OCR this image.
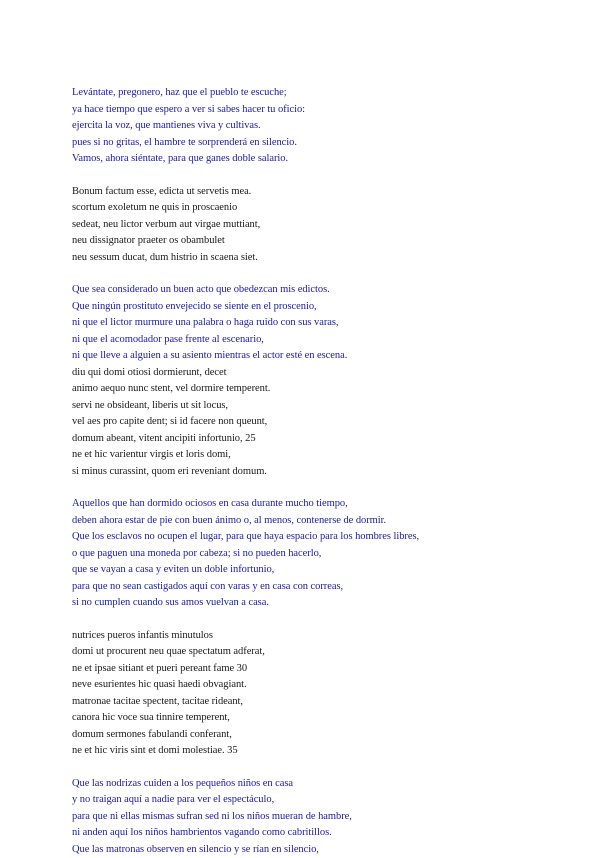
Levántate, pregonero, haz que el pueblo te escuche;
ya hace tiempo que espero a ver si sabes hacer tu oficio:
ejercita la voz, que mantienes viva y cultivas.
pues si no gritas, el hambre te sorprenderá en silencio.
Vamos, ahora siéntate, para que ganes doble salario.
Bonum factum esse, edicta ut servetis mea.
scortum exoletum ne quis in proscaenio
sedeat, neu lictor verbum aut virgae muttiant,
neu dissignator praeter os obambulet
neu sessum ducat, dum histrio in scaena siet.
Que sea considerado un buen acto que obedezcan mis edictos.
Que ningún prostituto envejecido se siente en el proscenio,
ni que el lictor murmure una palabra o haga ruido con sus varas,
ni que el acomodador pase frente al escenario,
ni que lleve a alguien a su asiento mientras el actor esté en escena.
diu qui domi otiosi dormierunt, decet
animo aequo nunc stent, vel dormire temperent.
servi ne obsideant, liberis ut sit locus,
vel aes pro capite dent; si id facere non queunt,
domum abeant, vitent ancipiti infortunio, 25
ne et hic varientur virgis et loris domi,
si minus curassint, quom eri reveniant domum.
Aquellos que han dormido ociosos en casa durante mucho tiempo,
deben ahora estar de pie con buen ánimo o, al menos, contenerse de dormir.
Que los esclavos no ocupen el lugar, para que haya espacio para los hombres libres,
o que paguen una moneda por cabeza; si no pueden hacerlo,
que se vayan a casa y eviten un doble infortunio,
para que no sean castigados aquí con varas y en casa con correas,
si no cumplen cuando sus amos vuelvan a casa.
nutrices pueros infantis minutulos
domi ut procurent neu quae spectatum adferat,
ne et ipsae sitiant et pueri pereant fame 30
neve esurientes hic quasi haedi obvagiant.
matronae tacitae spectent, tacitae rideant,
canora hic voce sua tinnire temperent,
domum sermones fabulandi conferant,
ne et hic viris sint et domi molestiae. 35
Que las nodrizas cuiden a los pequeños niños en casa
y no traigan aquí a nadie para ver el espectáculo,
para que ni ellas mismas sufran sed ni los niños mueran de hambre,
ni anden aquí los niños hambrientos vagando como cabritillos.
Que las matronas observen en silencio y se rían en silencio,
